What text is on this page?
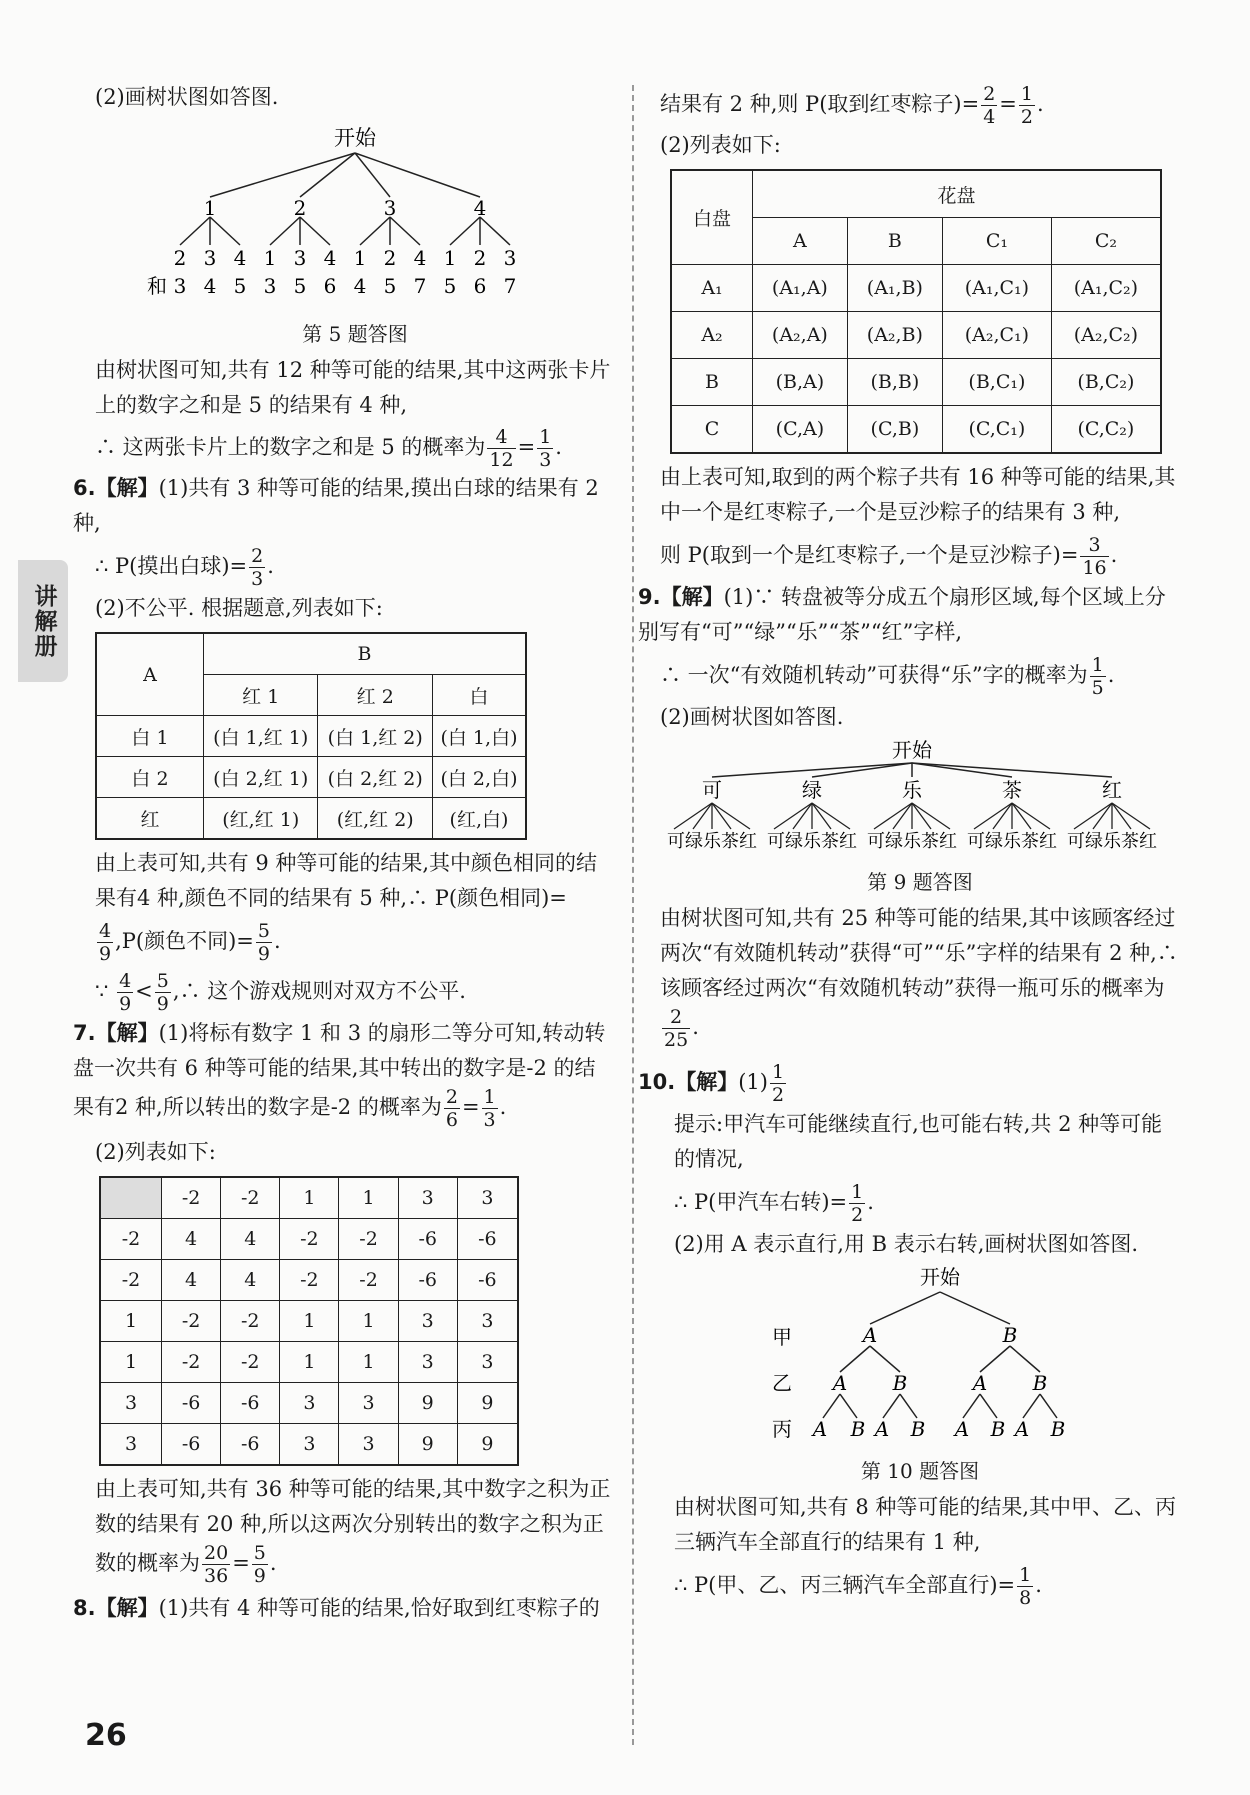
讲解册

(2)画树状图如答图.

开始
1	2	3	4
2 3 4 1 3 4 1 2 4 1 2 3
和 3 4 5 3 5 6 4 5 7 5 6 7
第 5 题答图

由树状图可知,共有 12 种等可能的结果,其中这两张卡片上的数字之和是 5 的结果有 4 种,

∴ 这两张卡片上的数字之和是 5 的概率为 $\frac{4}{12} = \frac{1}{3}$ .

6.【解】(1)共有 3 种等可能的结果,摸出白球的结果有 2 种,

∴ P(摸出白球)= $\frac{2}{3}$ .

(2)不公平. 根据题意,列表如下:

A	B		
	红 1	红 2	白
白 1	(白 1,红 1)	(白 1,红 2)	(白 1,白)
白 2	(白 2,红 1)	(白 2,红 2)	(白 2,白)
红	(红,红 1)	(红,红 2)	(红,白)

由上表可知,共有 9 种等可能的结果,其中颜色相同的结果有4 种,颜色不同的结果有 5 种,∴ P(颜色相同)=

$\frac{4}{9} ,P$(颜色不同)= $\frac{5}{9}$ .

∵ $\frac{4}{9} < \frac{5}{9}$ ,∴ 这个游戏规则对双方不公平.

7.【解】(1)将标有数字 1 和 3 的扇形二等分可知,转动转盘一次共有 6 种等可能的结果,其中转出的数字是-2 的结果有2 种,所以转出的数字是-2 的概率为 $\frac{2}{6} = \frac{1}{3}$ .

(2)列表如下:

	-2	-2	1	1	3	3
-2	4	4	-2	-2	-6	-6
-2	4	4	-2	-2	-6	-6
1	-2	-2	1	1	3	3
1	-2	-2	1	1	3	3
3	-6	-6	3	3	9	9
3	-6	-6	3	3	9	9

由上表可知,共有 36 种等可能的结果,其中数字之积为正数的结果有 20 种,所以这两次分别转出的数字之积为正数的概率为 $\frac{20}{36} = \frac{5}{9}$ .

8.【解】(1)共有 4 种等可能的结果,恰好取到红枣粽子的

结果有 2 种,则 P(取到红枣粽子)= $\frac{2}{4} = \frac{1}{2}$ .

(2)列表如下:

白盘	花盘			
	A	B	C₁	C₂
A₁	(A₁,A)	(A₁,B)	(A₁,C₁)	(A₁,C₂)
A₂	(A₂,A)	(A₂,B)	(A₂,C₁)	(A₂,C₂)
B	(B,A)	(B,B)	(B,C₁)	(B,C₂)
C	(C,A)	(C,B)	(C,C₁)	(C,C₂)

由上表可知,取到的两个粽子共有 16 种等可能的结果,其中一个是红枣粽子,一个是豆沙粽子的结果有 3 种,

则 P(取到一个是红枣粽子,一个是豆沙粽子)= $\frac{3}{16}$ .

9.【解】(1)∵ 转盘被等分成五个扇形区域,每个区域上分别写有“可”“绿”“乐”“茶”“红”字样,

∴ 一次“有效随机转动”可获得“乐”字的概率为 $\frac{1}{5}$ .

(2)画树状图如答图.

开始
可
可绿乐茶红
绿
可绿乐茶红
乐
可绿乐茶红
茶
可绿乐茶红
红
可绿乐茶红
第 9 题答图

由树状图可知,共有 25 种等可能的结果,其中该顾客经过两次“有效随机转动”获得“可”“乐”字样的结果有 2 种,∴ 该顾客经过两次“有效随机转动”获得一瓶可乐的概率为
$\frac{2}{25}$ .

10.【解】$(1) \frac{1}{2}$

提示:甲汽车可能继续直行,也可能右转,共 2 种等可能的情况,

∴ P(甲汽车右转)= $\frac{1}{2}$ .

(2)用 A 表示直行,用 B 表示右转,画树状图如答图.

开始
甲
乙
丙
A	B
A B	A B
A B A B A B A B
第 10 题答图

由树状图可知,共有 8 种等可能的结果,其中甲、乙、丙三辆汽车全部直行的结果有 1 种,

∴ P(甲、乙、丙三辆汽车全部直行)= $\frac{1}{8}$ .

26
